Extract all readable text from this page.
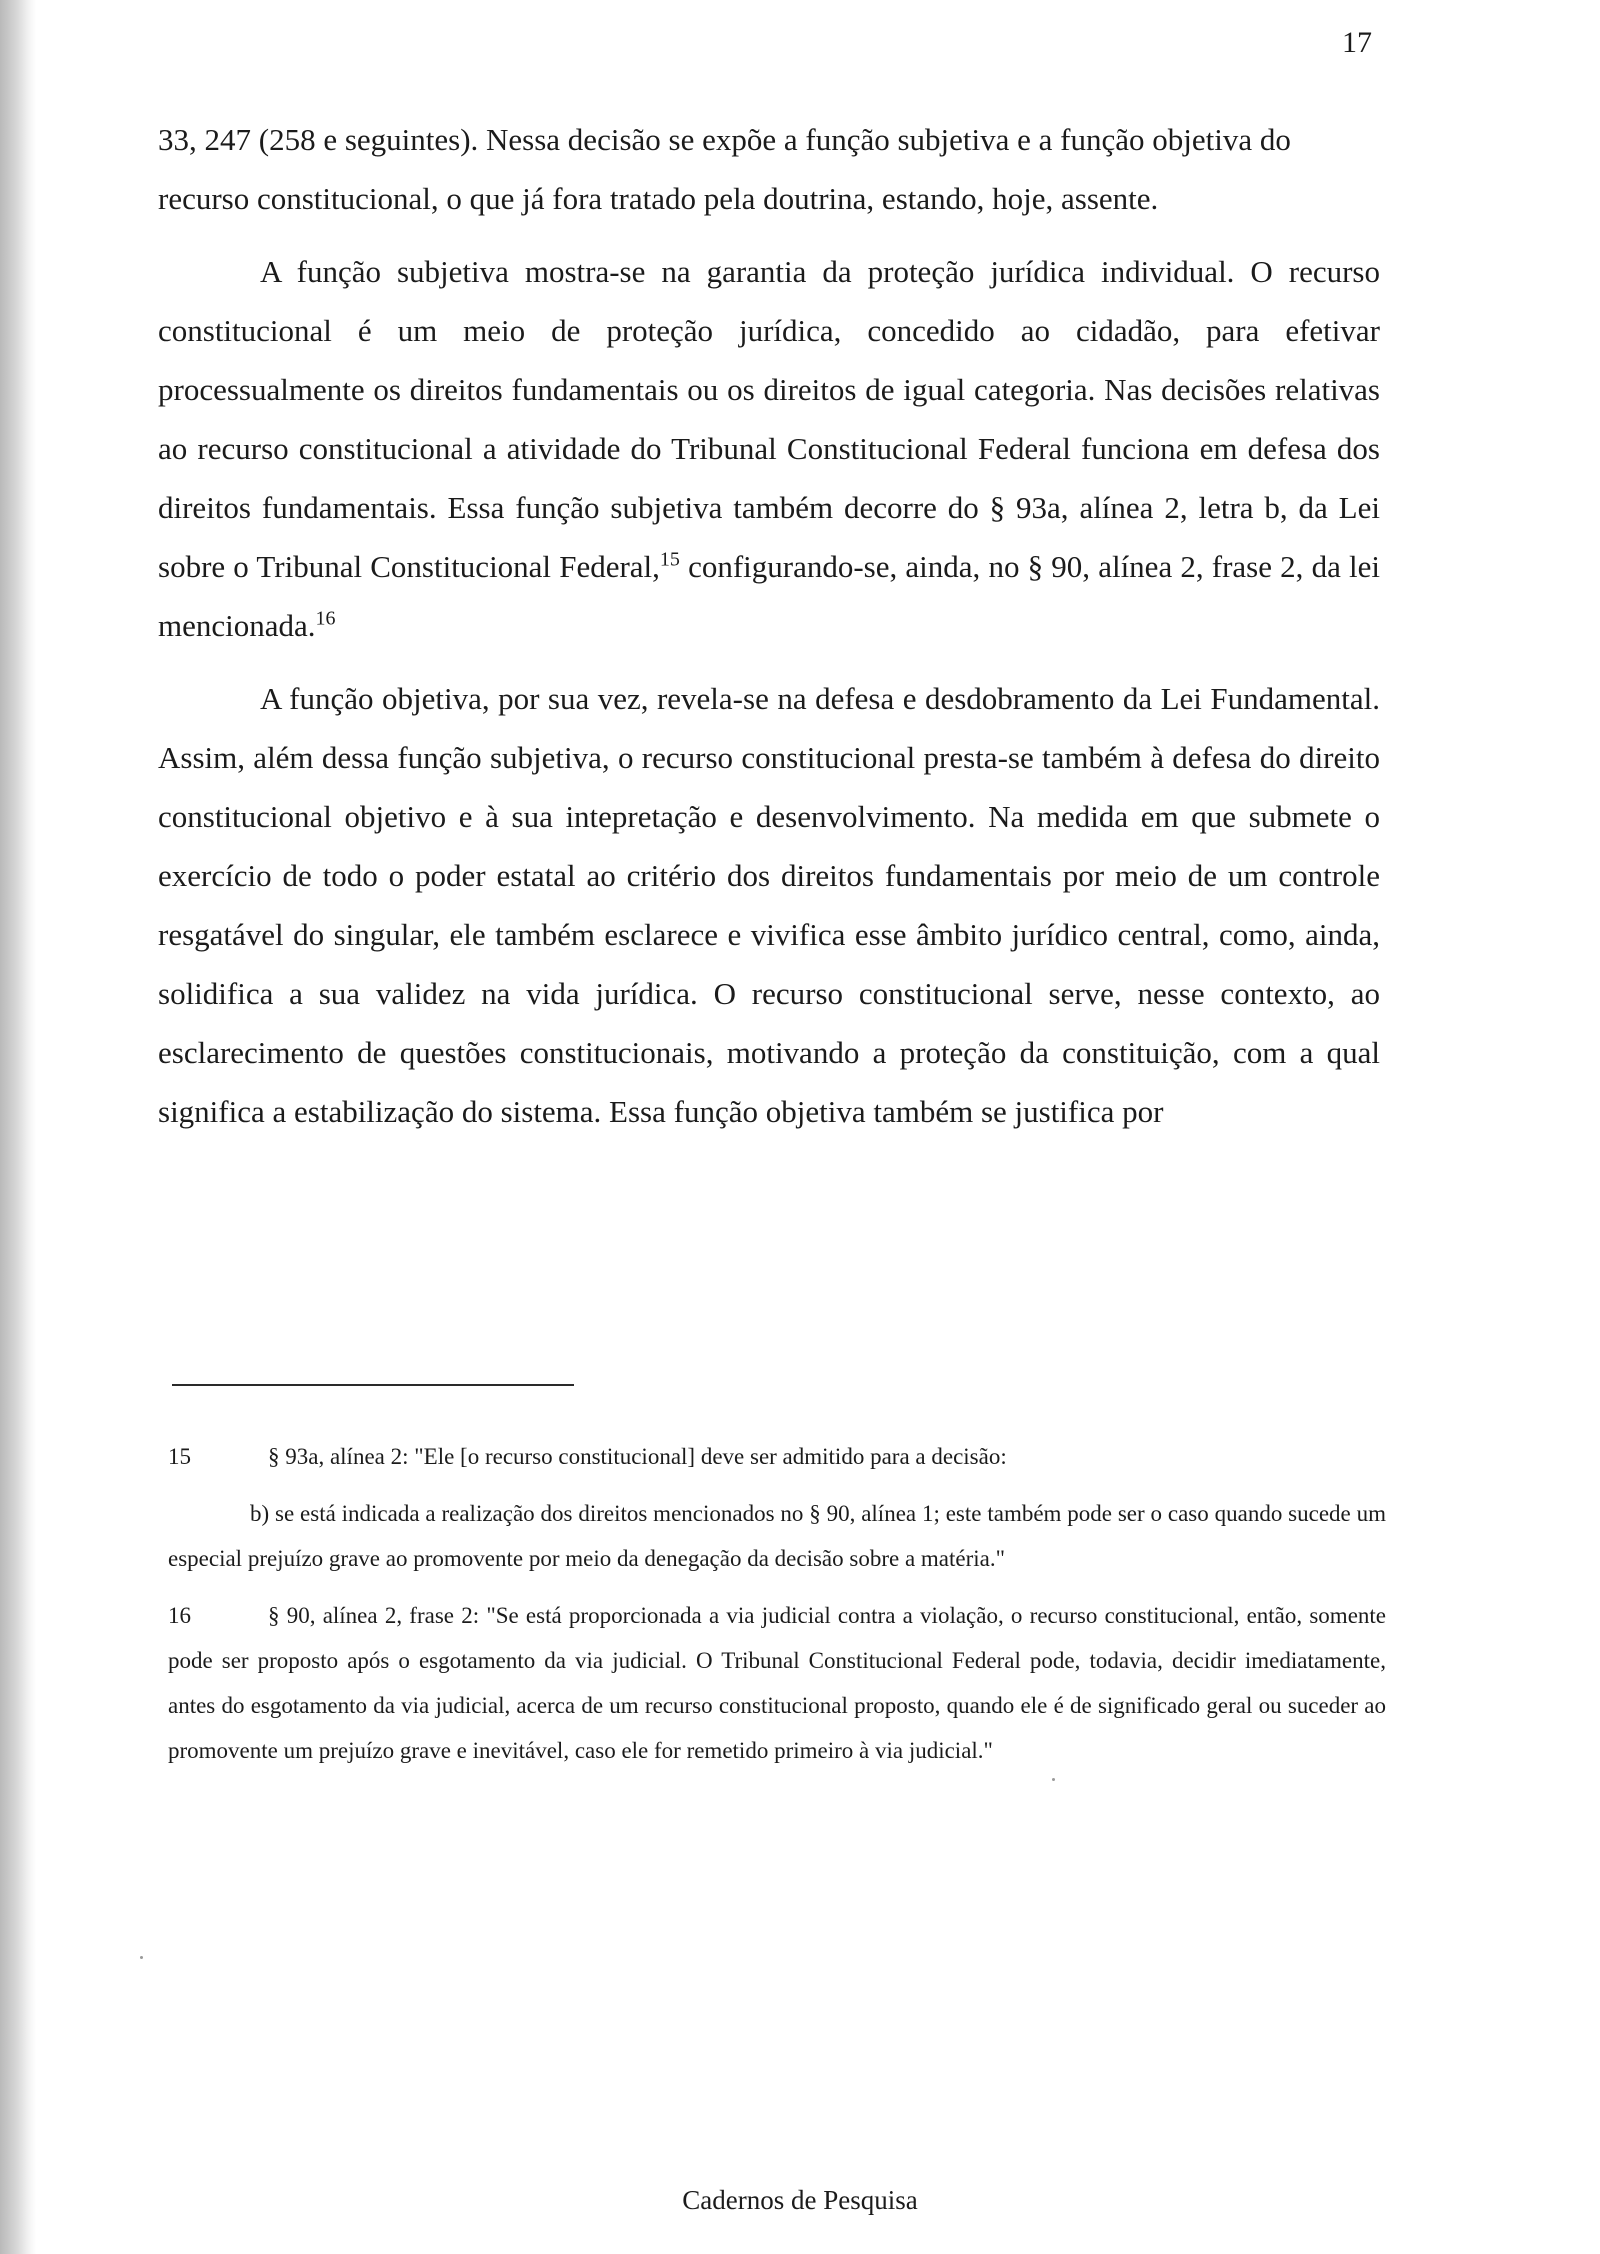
17

33, 247 (258 e seguintes). Nessa decisão se expõe a função subjetiva e a função objetiva do recurso constitucional, o que já fora tratado pela doutrina, estando, hoje, assente.

A função subjetiva mostra-se na garantia da proteção jurídica individual. O recurso constitucional é um meio de proteção jurídica, concedido ao cidadão, para efetivar processualmente os direitos fundamentais ou os direitos de igual categoria. Nas decisões relativas ao recurso constitucional a atividade do Tribunal Constitucional Federal funciona em defesa dos direitos fundamentais. Essa função subjetiva também decorre do § 93a, alínea 2, letra b, da Lei sobre o Tribunal Constitucional Federal,$^{15}$ configurando-se, ainda, no § 90, alínea 2, frase 2, da lei mencionada.$^{16}$

A função objetiva, por sua vez, revela-se na defesa e desdobramento da Lei Fundamental. Assim, além dessa função subjetiva, o recurso constitucional presta-se também à defesa do direito constitucional objetivo e à sua intepretação e desenvolvimento. Na medida em que submete o exercício de todo o poder estatal ao critério dos direitos fundamentais por meio de um controle resgatável do singular, ele também esclarece e vivifica esse âmbito jurídico central, como, ainda, solidifica a sua validez na vida jurídica. O recurso constitucional serve, nesse contexto, ao esclarecimento de questões constitucionais, motivando a proteção da constituição, com a qual significa a estabilização do sistema. Essa função objetiva também se justifica por

15	§ 93a, alínea 2: "Ele [o recurso constitucional] deve ser admitido para a decisão:
b) se está indicada a realização dos direitos mencionados no § 90, alínea 1; este também pode ser o caso quando sucede um especial prejuízo grave ao promovente por meio da denegação da decisão sobre a matéria."
16	§ 90, alínea 2, frase 2: "Se está proporcionada a via judicial contra a violação, o recurso constitucional, então, somente pode ser proposto após o esgotamento da via judicial. O Tribunal Constitucional Federal pode, todavia, decidir imediatamente, antes do esgotamento da via judicial, acerca de um recurso constitucional proposto, quando ele é de significado geral ou suceder ao promovente um prejuízo grave e inevitável, caso ele for remetido primeiro à via judicial."
Cadernos de Pesquisa
